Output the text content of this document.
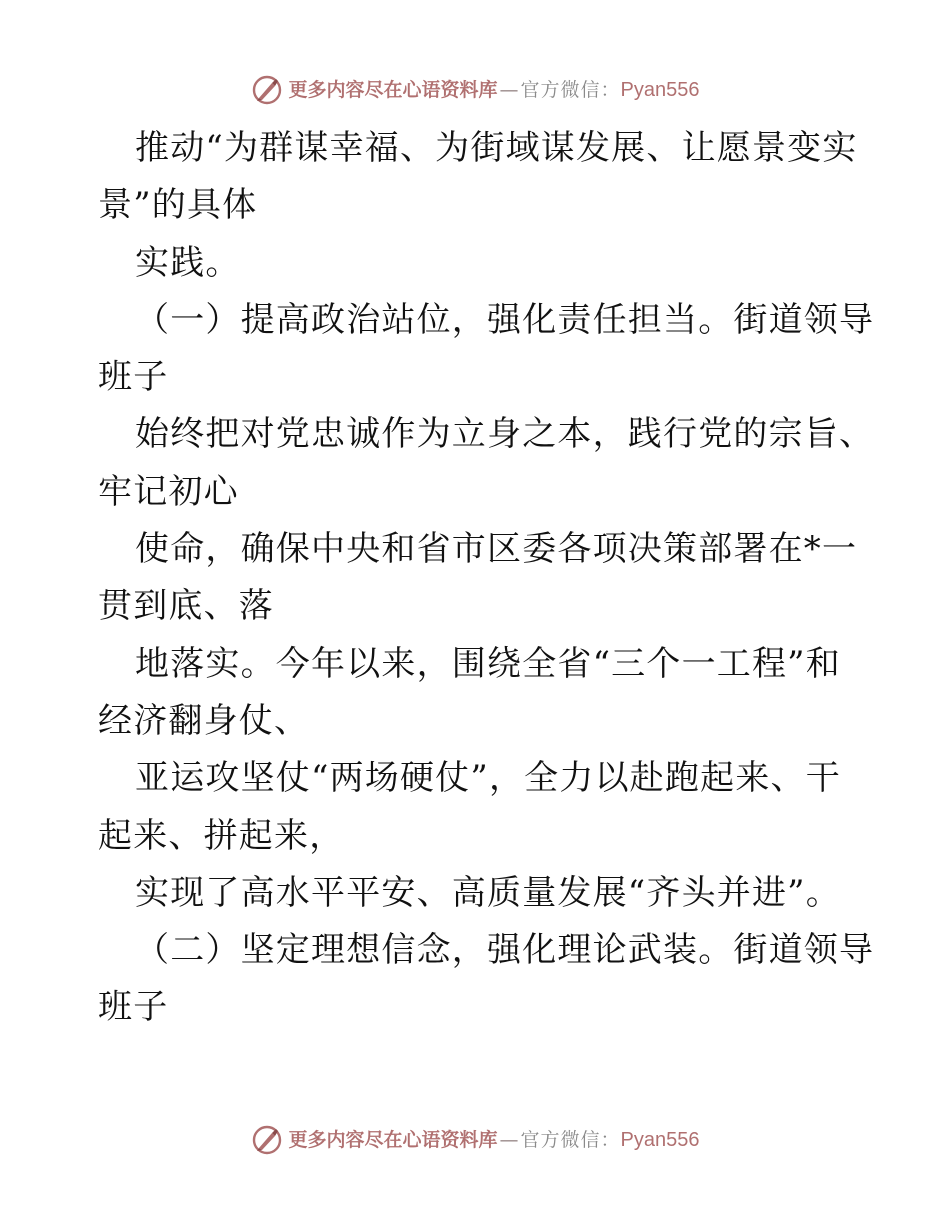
更多内容尽在心语资料库 — 官方微信： Pyan556
推动“为群谋幸福、为街域谋发展、让愿景变实
景”的具体
实践。
（一）提高政治站位，强化责任担当。街道领导
班子
始终把对党忠诚作为立身之本，践行党的宗旨、
牢记初心
使命，确保中央和省市区委各项决策部署在*一
贯到底、落
地落实。今年以来，围绕全省“三个一工程”和
经济翻身仗、
亚运攻坚仗“两场硬仗”，全力以赴跑起来、干
起来、拼起来，
实现了高水平平安、高质量发展“齐头并进”。
（二）坚定理想信念，强化理论武装。街道领导
班子
更多内容尽在心语资料库 — 官方微信： Pyan556
